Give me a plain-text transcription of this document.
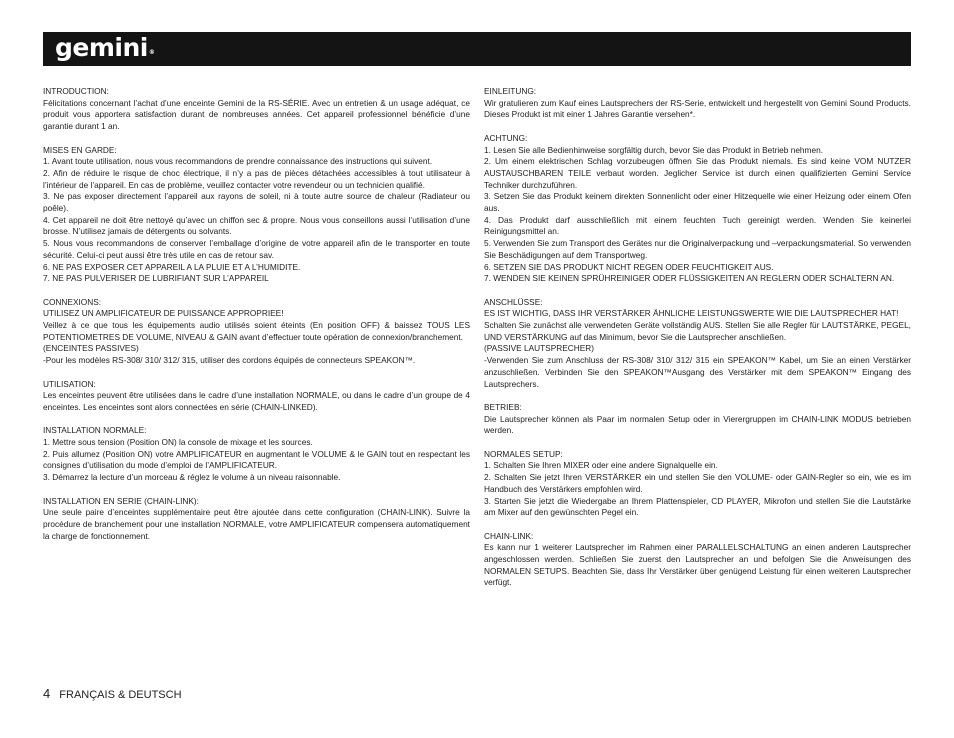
gemini®
INTRODUCTION:
Félicitations concernant l’achat d’une enceinte Gemini de la RS-SÉRIE. Avec un entretien & un usage adéquat, ce produit vous apportera satisfaction durant de nombreuses années. Cet appareil professionnel bénéficie d’une garantie durant 1 an.
MISES EN GARDE:
1. Avant toute utilisation, nous vous recommandons de prendre connaissance des instructions qui suivent.
2. Afin de réduire le risque de choc électrique, il n’y a pas de pièces détachées accessibles à tout utilisateur à l’intérieur de l’appareil. En cas de problème, veuillez contacter votre revendeur ou un technicien qualifié.
3. Ne pas exposer directement l’appareil aux rayons de soleil, ni à toute autre source de chaleur (Radiateur ou poêle).
4. Cet appareil ne doit être nettoyé qu’avec un chiffon sec & propre. Nous vous conseillons aussi l’utilisation d’une brosse. N’utilisez jamais de détergents ou solvants.
5. Nous vous recommandons de conserver l’emballage d’origine de votre appareil afin de le transporter en toute sécurité. Celui-ci peut aussi être très utile en cas de retour sav.
6. NE PAS EXPOSER CET APPAREIL A LA PLUIE ET A L’HUMIDITE.
7. NE PAS PULVERISER DE LUBRIFIANT SUR L’APPAREIL
CONNEXIONS:
UTILISEZ UN AMPLIFICATEUR DE PUISSANCE APPROPRIEE!
Veillez à ce que tous les équipements audio utilisés soient éteints (En position OFF) & baissez TOUS LES POTENTIOMETRES DE VOLUME, NIVEAU & GAIN avant d’effectuer toute opération de connexion/branchement.
(ENCEINTES PASSIVES)
-Pour les modèles RS-308/ 310/ 312/ 315, utiliser des cordons équipés de connecteurs SPEAKON™.
UTILISATION:
Les enceintes peuvent être utilisées dans le cadre d’une installation NORMALE, ou dans le cadre d’un groupe de 4 enceintes. Les enceintes sont alors connectées en série (CHAIN-LINKED).
INSTALLATION NORMALE:
1. Mettre sous tension (Position ON) la console de mixage et les sources.
2. Puis allumez (Position ON) votre AMPLIFICATEUR en augmentant le VOLUME & le GAIN tout en respectant les consignes d’utilisation du mode d’emploi de l’AMPLIFICATEUR.
3. Démarrez la lecture d’un morceau & réglez le volume à un niveau raisonnable.
INSTALLATION EN SERIE (CHAIN-LINK):
Une seule paire d’enceintes supplémentaire peut être ajoutée dans cette configuration (CHAIN-LINK). Suivre la procédure de branchement pour une installation NORMALE, votre AMPLIFICATEUR compensera automatiquement la charge de fonctionnement.
EINLEITUNG:
Wir gratulieren zum Kauf eines Lautsprechers der RS-Serie, entwickelt und hergestellt von Gemini Sound Products. Dieses Produkt ist mit einer 1 Jahres Garantie versehen*.
ACHTUNG:
1. Lesen Sie alle Bedienhinweise sorgfältig durch, bevor Sie das Produkt in Betrieb nehmen.
2. Um einem elektrischen Schlag vorzubeugen öffnen Sie das Produkt niemals. Es sind keine VOM NUTZER AUSTAUSCHBAREN TEILE verbaut worden. Jeglicher Service ist durch einen qualifizierten Gemini Service Techniker durchzuführen.
3. Setzen Sie das Produkt keinem direkten Sonnenlicht oder einer Hitzequelle wie einer Heizung oder einem Ofen aus.
4. Das Produkt darf ausschließlich mit einem feuchten Tuch gereinigt werden. Wenden Sie keinerlei Reinigungsmittel an.
5. Verwenden Sie zum Transport des Gerätes nur die Originalverpackung und –verpackungsmaterial. So verwenden Sie Beschädigungen auf dem Transportweg.
6. SETZEN SIE DAS PRODUKT NICHT REGEN ODER FEUCHTIGKEIT AUS.
7. WENDEN SIE KEINEN SPRÜHREINIGER ODER FLÜSSIGKEITEN AN REGLERN ODER SCHALTERN AN.
ANSCHLÜSSE:
ES IST WICHTIG, DASS IHR VERSTÄRKER ÄHNLICHE LEISTUNGSWERTE WIE DIE LAUTSPRECHER HAT!
Schalten Sie zunächst alle verwendeten Geräte vollständig AUS. Stellen Sie alle Regler für LAUTSTÄRKE, PEGEL, UND VERSTÄRKUNG auf das Minimum, bevor Sie die Lautsprecher anschließen.
(PASSIVE LAUTSPRECHER)
-Verwenden Sie zum Anschluss der RS-308/ 310/ 312/ 315 ein SPEAKON™ Kabel, um Sie an einen Verstärker anzuschließen. Verbinden Sie den SPEAKON™Ausgang des Verstärker mit dem SPEAKON™ Eingang des Lautsprechers.
BETRIEB:
Die Lautsprecher können als Paar im normalen Setup oder in Vierergruppen im CHAIN-LINK MODUS betrieben werden.
NORMALES SETUP:
1. Schalten Sie Ihren MIXER oder eine andere Signalquelle ein.
2. Schalten Sie jetzt Ihren VERSTÄRKER ein und stellen Sie den VOLUME- oder GAIN-Regler so ein, wie es im Handbuch des Verstärkers empfohlen wird.
3. Starten Sie jetzt die Wiedergabe an Ihrem Plattenspieler, CD PLAYER, Mikrofon und stellen Sie die Lautstärke am Mixer auf den gewünschten Pegel ein.
CHAIN-LINK:
Es kann nur 1 weiterer Lautsprecher im Rahmen einer PARALLELSCHALTUNG an einen anderen Lautsprecher angeschlossen werden. Schließen Sie zuerst den Lautsprecher an und befolgen Sie die Anweisungen des NORMALEN SETUPS. Beachten Sie, dass Ihr Verstärker über genügend Leistung für einen weiteren Lautsprecher verfügt.
4 FRANÇAIS & DEUTSCH
